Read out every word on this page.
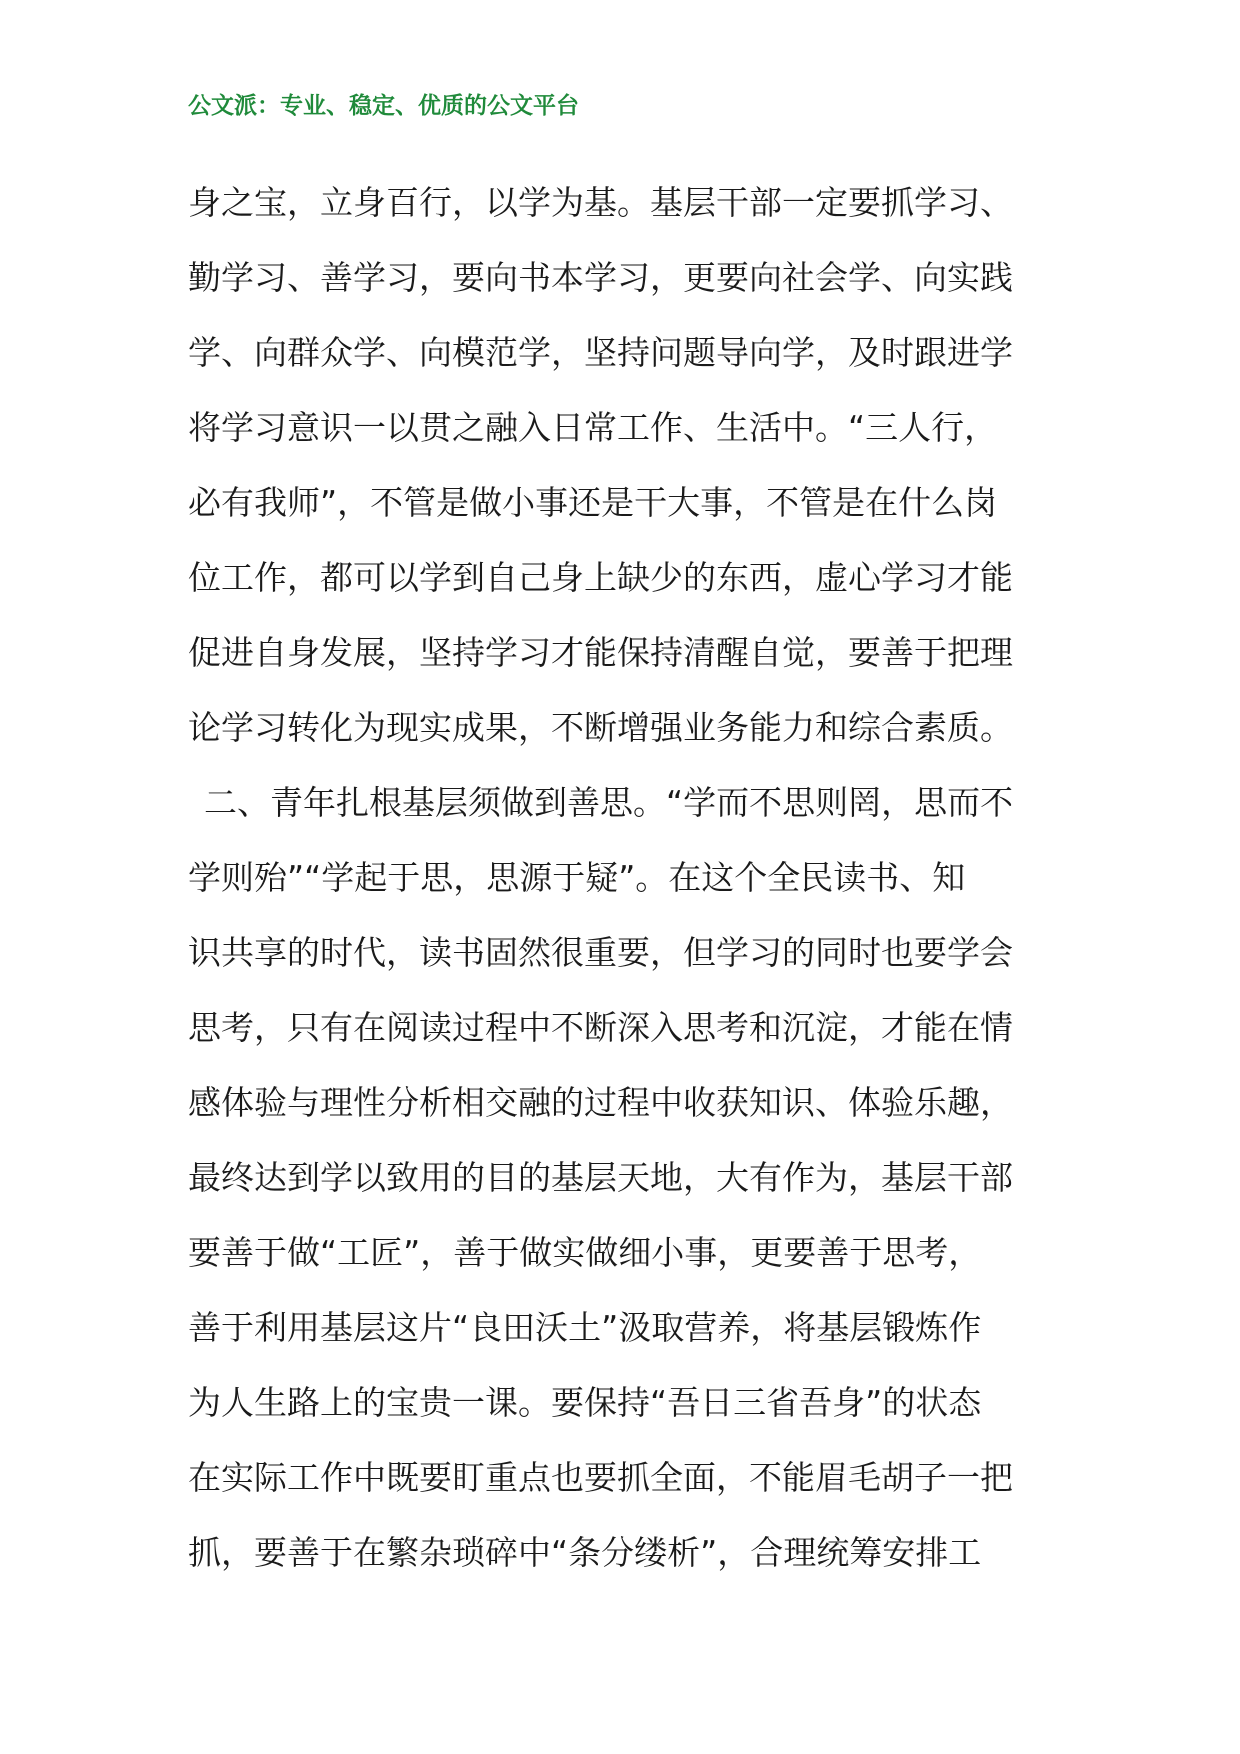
公文派：专业、稳定、优质的公文平台
身之宝，立身百行，以学为基。基层干部一定要抓学习、
勤学习、善学习，要向书本学习，更要向社会学、向实践
学、向群众学、向模范学，坚持问题导向学，及时跟进学
将学习意识一以贯之融入日常工作、生活中。“三人行，
必有我师”，不管是做小事还是干大事，不管是在什么岗
位工作，都可以学到自己身上缺少的东西，虚心学习才能
促进自身发展，坚持学习才能保持清醒自觉，要善于把理
论学习转化为现实成果，不断增强业务能力和综合素质。
二、青年扎根基层须做到善思。“学而不思则罔，思而不
学则殆”“学起于思，思源于疑”。在这个全民读书、知
识共享的时代，读书固然很重要，但学习的同时也要学会
思考，只有在阅读过程中不断深入思考和沉淀，才能在情
感体验与理性分析相交融的过程中收获知识、体验乐趣，
最终达到学以致用的目的基层天地，大有作为，基层干部
要善于做“工匠”，善于做实做细小事，更要善于思考，
善于利用基层这片“良田沃土”汲取营养，将基层锻炼作
为人生路上的宝贵一课。要保持“吾日三省吾身”的状态
在实际工作中既要盯重点也要抓全面，不能眉毛胡子一把
抓，要善于在繁杂琐碎中“条分缕析”，合理统筹安排工
